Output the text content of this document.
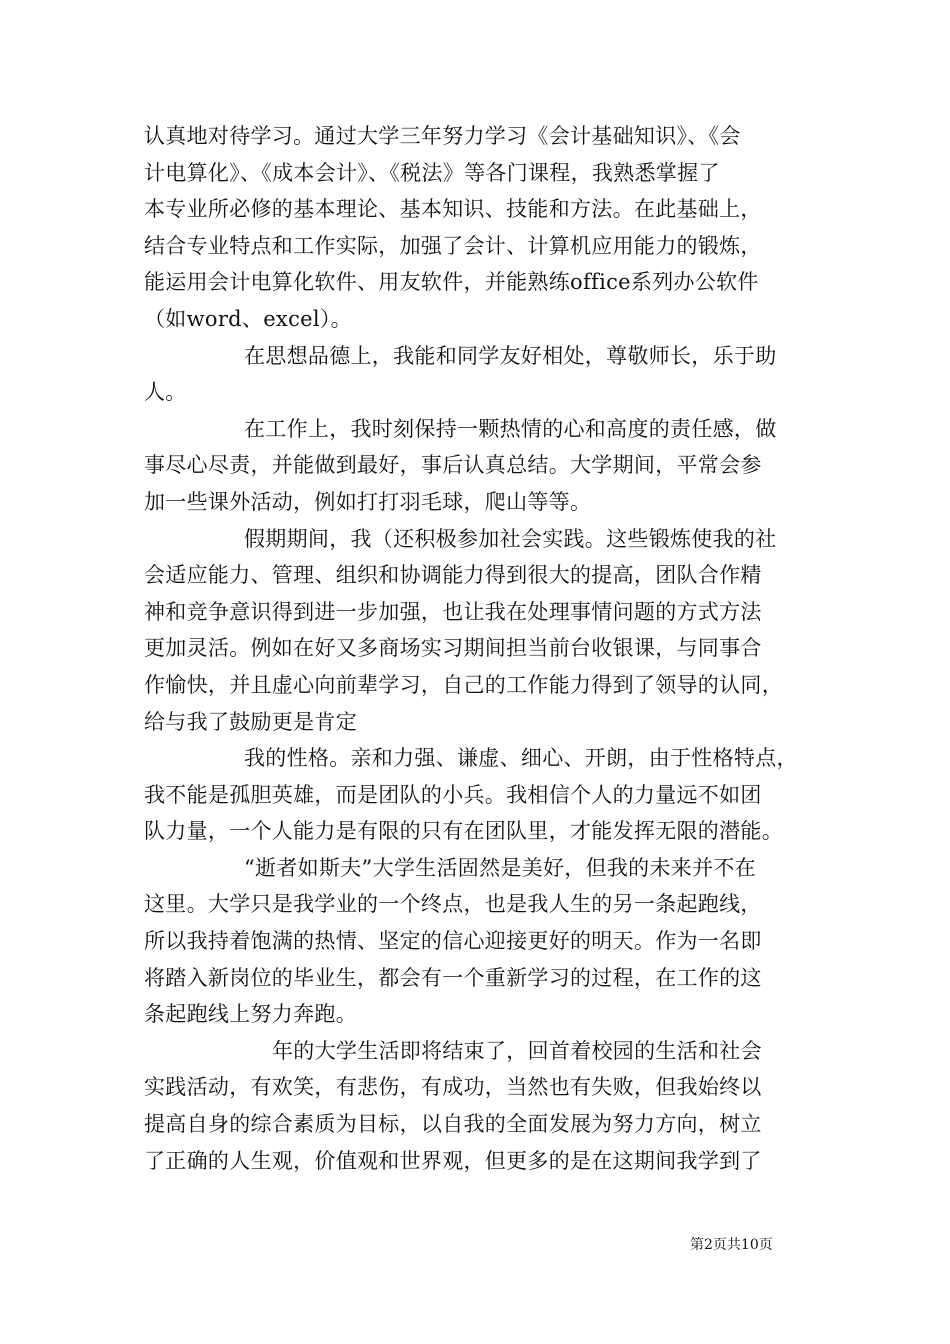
认真地对待学习。通过大学三年努力学习《会计基础知识》、《会
计电算化》、《成本会计》、《税法》等各门课程，我熟悉掌握了
本专业所必修的基本理论、基本知识、技能和方法。在此基础上，
结合专业特点和工作实际，加强了会计、计算机应用能力的锻炼，
能运用会计电算化软件、用友软件，并能熟练office系列办公软件
（如word、excel）。
在思想品德上，我能和同学友好相处，尊敬师长，乐于助
人。
在工作上，我时刻保持一颗热情的心和高度的责任感，做
事尽心尽责，并能做到最好，事后认真总结。大学期间，平常会参
加一些课外活动，例如打打羽毛球，爬山等等。
假期期间，我（还积极参加社会实践。这些锻炼使我的社
会适应能力、管理、组织和协调能力得到很大的提高，团队合作精
神和竞争意识得到进一步加强，也让我在处理事情问题的方式方法
更加灵活。例如在好又多商场实习期间担当前台收银课，与同事合
作愉快，并且虚心向前辈学习，自己的工作能力得到了领导的认同，
给与我了鼓励更是肯定
我的性格。亲和力强、谦虚、细心、开朗，由于性格特点，
我不能是孤胆英雄，而是团队的小兵。我相信个人的力量远不如团
队力量，一个人能力是有限的只有在团队里，才能发挥无限的潜能。
“逝者如斯夫”大学生活固然是美好，但我的未来并不在
这里。大学只是我学业的一个终点，也是我人生的另一条起跑线，
所以我持着饱满的热情、坚定的信心迎接更好的明天。作为一名即
将踏入新岗位的毕业生，都会有一个重新学习的过程，在工作的这
条起跑线上努力奔跑。
年的大学生活即将结束了，回首着校园的生活和社会
实践活动，有欢笑，有悲伤，有成功，当然也有失败，但我始终以
提高自身的综合素质为目标，以自我的全面发展为努力方向，树立
了正确的人生观，价值观和世界观，但更多的是在这期间我学到了
第2页共10页
